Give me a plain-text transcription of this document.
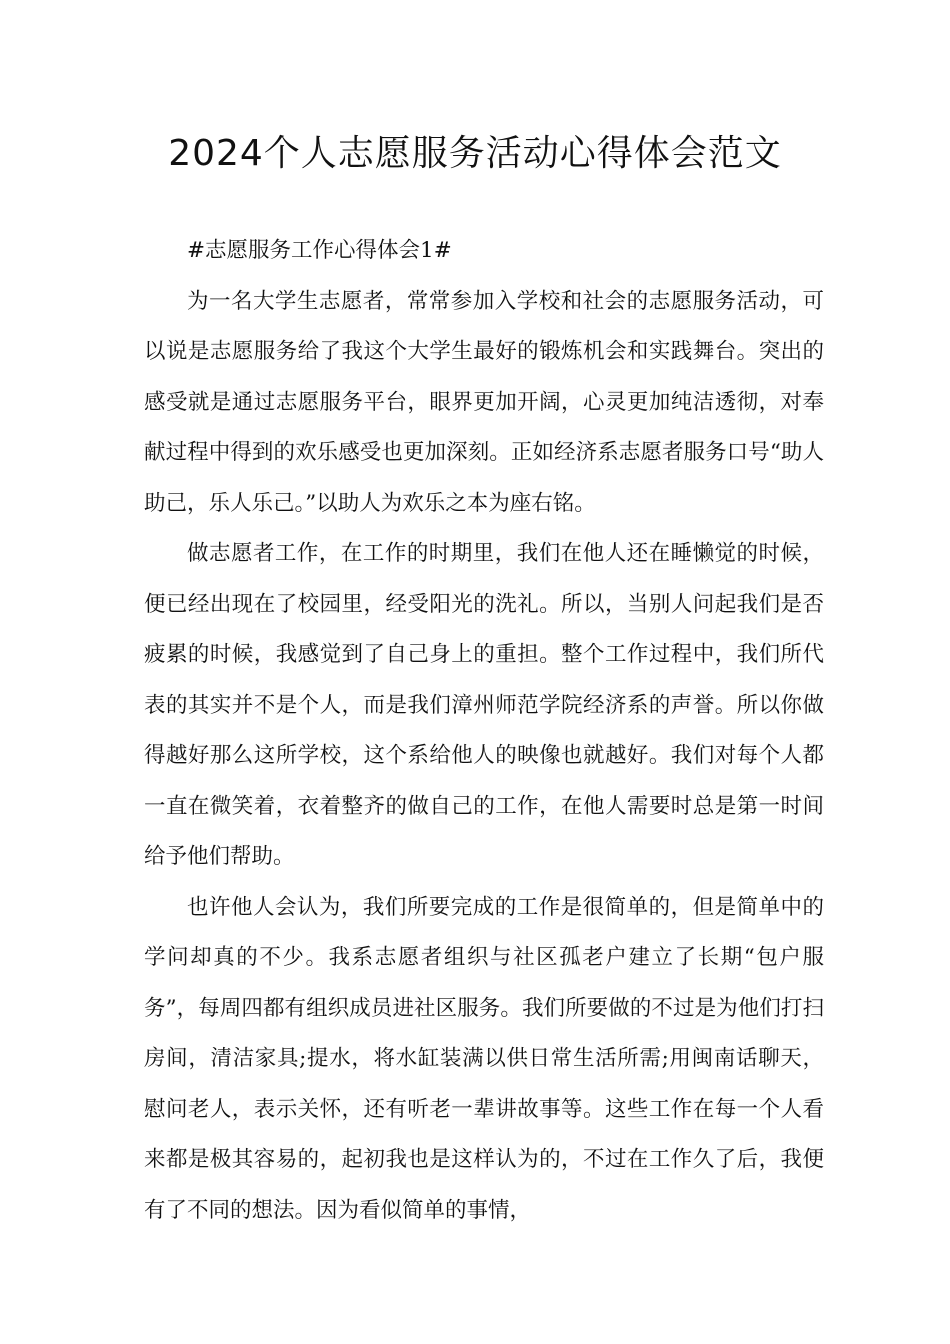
2024个人志愿服务活动心得体会范文

#志愿服务工作心得体会1#

为一名大学生志愿者，常常参加入学校和社会的志愿服务活动，可以说是志愿服务给了我这个大学生最好的锻炼机会和实践舞台。突出的感受就是通过志愿服务平台，眼界更加开阔，心灵更加纯洁透彻，对奉献过程中得到的欢乐感受也更加深刻。正如经济系志愿者服务口号“助人助己，乐人乐己。”以助人为欢乐之本为座右铭。

做志愿者工作，在工作的时期里，我们在他人还在睡懒觉的时候，便已经出现在了校园里，经受阳光的洗礼。所以，当别人问起我们是否疲累的时候，我感觉到了自己身上的重担。整个工作过程中，我们所代表的其实并不是个人，而是我们漳州师范学院经济系的声誉。所以你做得越好那么这所学校，这个系给他人的映像也就越好。我们对每个人都一直在微笑着，衣着整齐的做自己的工作，在他人需要时总是第一时间给予他们帮助。

也许他人会认为，我们所要完成的工作是很简单的，但是简单中的学问却真的不少。我系志愿者组织与社区孤老户建立了长期“包户服务”，每周四都有组织成员进社区服务。我们所要做的不过是为他们打扫房间，清洁家具;提水，将水缸装满以供日常生活所需;用闽南话聊天，慰问老人，表示关怀，还有听老一辈讲故事等。这些工作在每一个人看来都是极其容易的，起初我也是这样认为的，不过在工作久了后，我便有了不同的想法。因为看似简单的事情，
